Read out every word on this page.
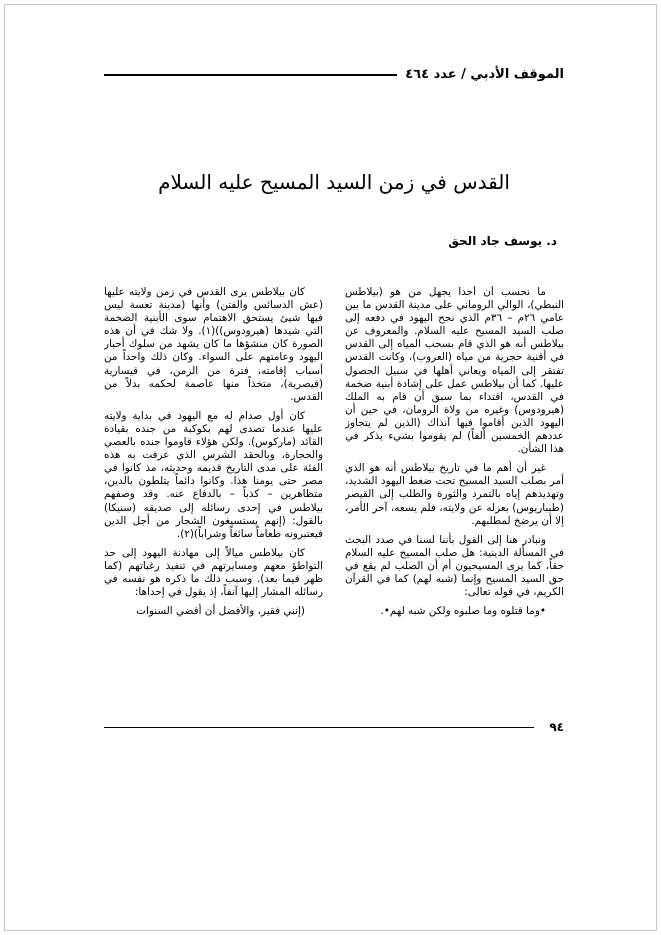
الموقف الأدبي / عدد ٤٦٤
القدس في زمن السيد المسيح عليه السلام

د. يوسف جاد الحق

ما نحسب أن أحداً يجهل من هو (بيلاطس النبطي)، الوالي الروماني على مدينة القدس ما بين عامي ٢٦م – ٣٦م الذي نجح اليهود في دفعه إلى صلب السيد المسيح عليه السلام. والمعروف عن بيلاطس أنه هو الذي قام بسحب المياه إلى القدس في أقنية حجرية من مياه (العروب)، وكانت القدس تفتقر إلى المياه ويعاني أهلها في سبيل الحصول عليها. كما أن بيلاطس عمل على إشادة أبنية ضخمة في القدس، اقتداء بما سبق أن قام به الملك (هيرودوس) وغيره من ولاة الرومان، في حين أن اليهود الذين أقاموا فيها آنذاك (الذين لم يتجاوز عددهم الخمسين ألفاً) لم يقوموا بشيء يذكر في هذا الشأن.

غير أن أهم ما في تاريخ بيلاطس أنه هو الذي أمر بصلب السيد المسيح تحت ضغط اليهود الشديد، وتهديدهم إياه بالتمرد والثورة والطلب إلى القيصر (طيباريوس) بعزله عن ولايته، فلم يسعه، آخر الأمر، إلا أن يرضخ لمطلبهم.

ونبادر هنا إلى القول بأننا لسنا في صدد البحث في المسألة الدينية: هل صلب المسيح عليه السلام حقاً، كما يرى المسيحيون أم أن الصلب لم يقع في حق السيد المسيح وإنما (شبه لهم) كما في القرآن الكريم، في قوله تعالى:

•وما قتلوه وما صلبوه ولكن شبه لهم•.

كان بيلاطس يرى القدس في زمن ولايته عليها (عش الدسائس والفتن) وأنها (مدينة تعسة ليس فيها شيئ يستحق الاهتمام سوى الأبنية الضخمة التي شيدها (هيرودوس))(١). ولا شك في أن هذه الصورة كان منشؤها ما كان يشهد من سلوك أحبار اليهود وعامتهم على السواء. وكان ذلك واحداً من أسباب إقامته، فترة من الزمن، في قيسارية (قيصرية)، متخذاً منها عاصمة لحكمه بدلاً من القدس.

كان أول صدام له مع اليهود في بداية ولايته عليها عندما تصدى لهم بكوكبة من جنده بقيادة القائد (ماركوس). ولكن هؤلاء قاوموا جنده بالعصي والحجارة، وبالحقد الشرس الذي عرفت به هذه الفئة على مدى التاريخ قديمه وحديثه، مذ كانوا في مصر حتى يومنا هذا. وكانوا دائماً يتلطون بالدين، متظاهرين – كذباً – بالدفاع عنه. وقد وصفهم بيلاطس في إحدى رسائله إلى صديقه (سنيكا) بالقول: (إنهم يستسيغون الشجار من أجل الدين فيعتبرونه طعاماً سائغاً وشراباً)(٢).

كان بيلاطس ميالاً إلى مهادنة اليهود إلى حد التواطؤ معهم ومسايرتهم في تنفيذ رغباتهم (كما ظهر فيما بعد). وسبب ذلك ما ذكره هو نفسه في رسائله المشار إليها آنفاً، إذ يقول في إحداها:

(إنني فقير، والأفضل أن أقضي السنوات

٩٤
